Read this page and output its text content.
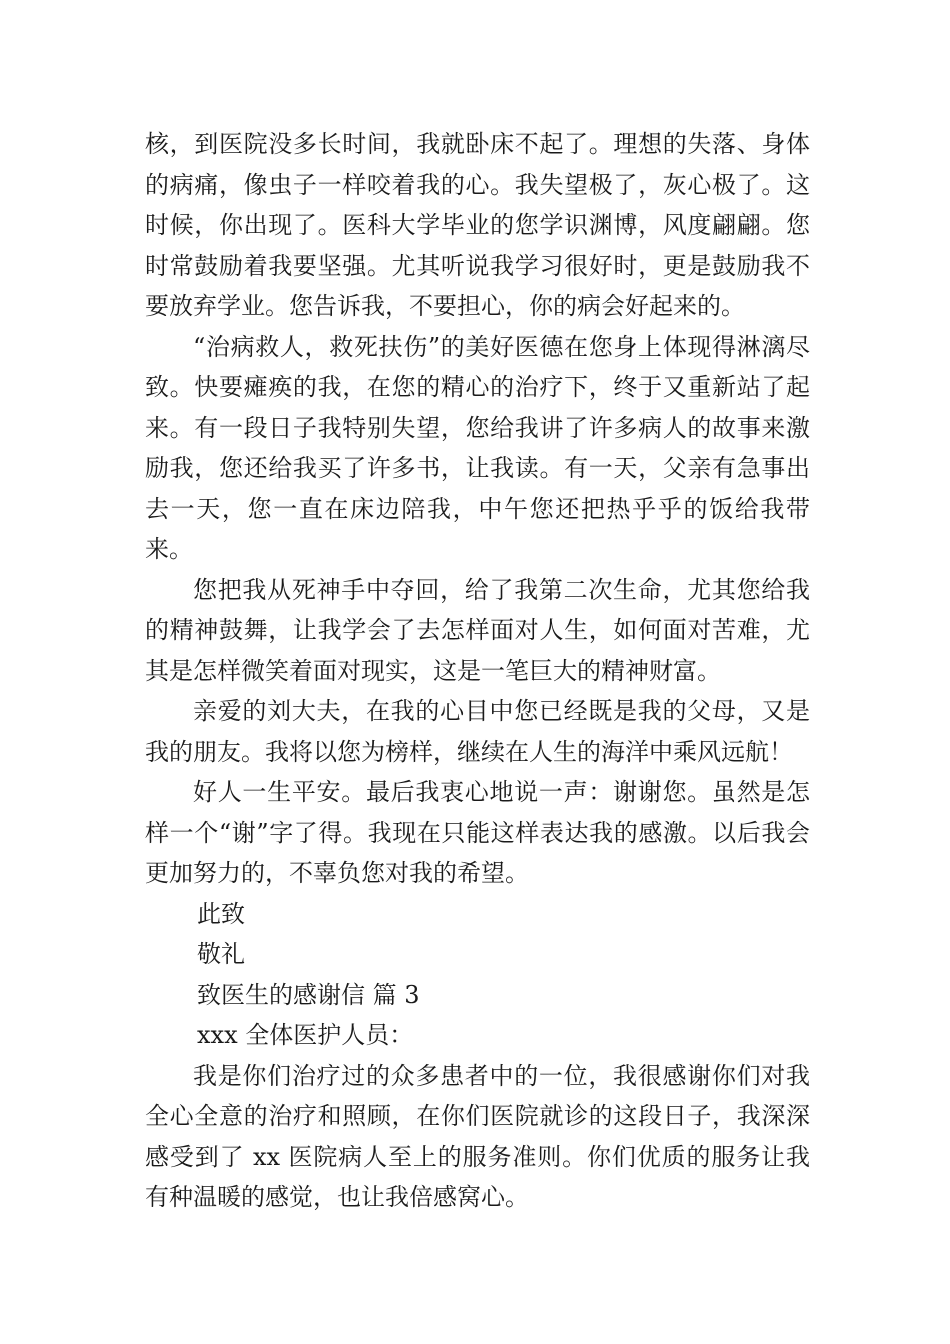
核，到医院没多长时间，我就卧床不起了。理想的失落、身体的病痛，像虫子一样咬着我的心。我失望极了，灰心极了。这时候，你出现了。医科大学毕业的您学识渊博，风度翩翩。您时常鼓励着我要坚强。尤其听说我学习很好时，更是鼓励我不要放弃学业。您告诉我，不要担心，你的病会好起来的。

“治病救人，救死扶伤”的美好医德在您身上体现得淋漓尽致。快要瘫痪的我，在您的精心的治疗下，终于又重新站了起来。有一段日子我特别失望，您给我讲了许多病人的故事来激励我，您还给我买了许多书，让我读。有一天，父亲有急事出去一天，您一直在床边陪我，中午您还把热乎乎的饭给我带来。

您把我从死神手中夺回，给了我第二次生命，尤其您给我的精神鼓舞，让我学会了去怎样面对人生，如何面对苦难，尤其是怎样微笑着面对现实，这是一笔巨大的精神财富。

亲爱的刘大夫，在我的心目中您已经既是我的父母，又是我的朋友。我将以您为榜样，继续在人生的海洋中乘风远航！

好人一生平安。最后我衷心地说一声：谢谢您。虽然是怎样一个“谢”字了得。我现在只能这样表达我的感激。以后我会更加努力的，不辜负您对我的希望。

此致

敬礼

致医生的感谢信 篇 3

xxx 全体医护人员：

我是你们治疗过的众多患者中的一位，我很感谢你们对我全心全意的治疗和照顾，在你们医院就诊的这段日子，我深深感受到了 xx 医院病人至上的服务准则。你们优质的服务让我有种温暖的感觉，也让我倍感窝心。
